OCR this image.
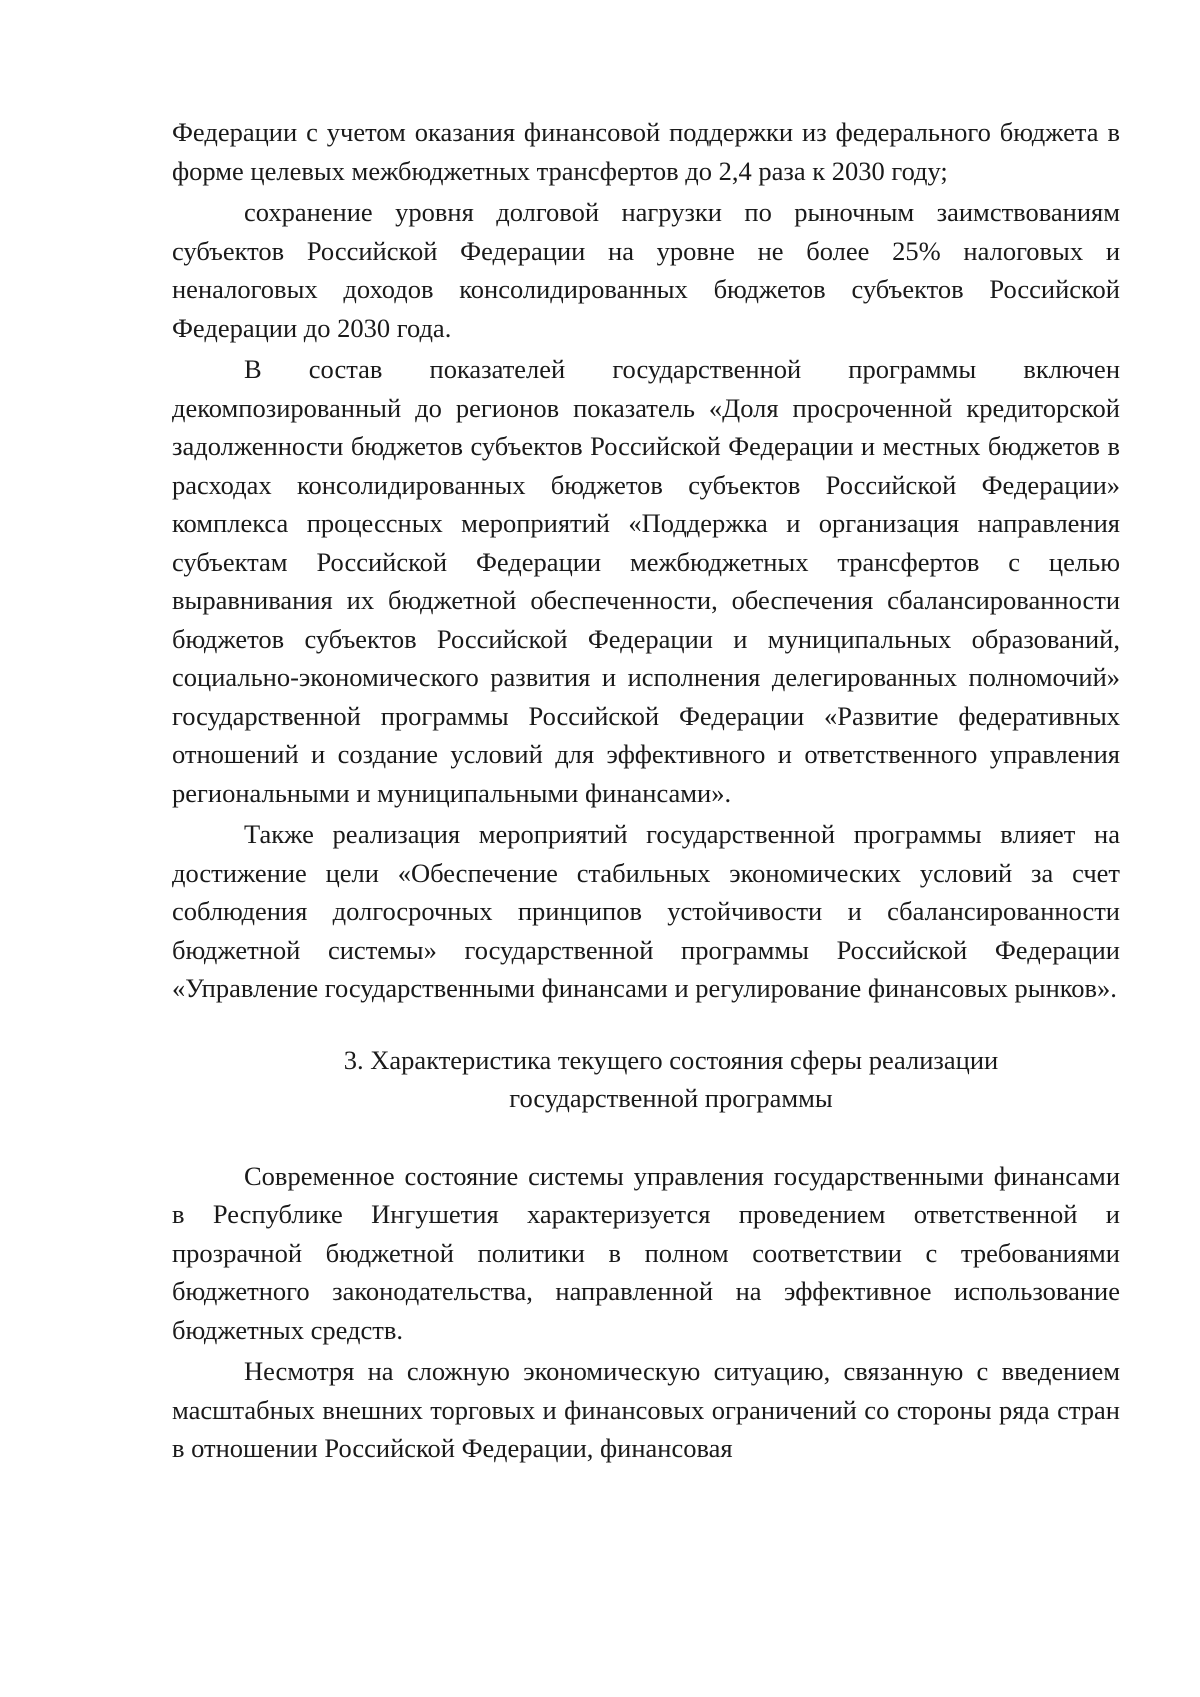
Федерации с учетом оказания финансовой поддержки из федерального бюджета в форме целевых межбюджетных трансфертов до 2,4 раза к 2030 году;

сохранение уровня долговой нагрузки по рыночным заимствованиям субъектов Российской Федерации на уровне не более 25% налоговых и неналоговых доходов консолидированных бюджетов субъектов Российской Федерации до 2030 года.

В состав показателей государственной программы включен декомпозированный до регионов показатель «Доля просроченной кредиторской задолженности бюджетов субъектов Российской Федерации и местных бюджетов в расходах консолидированных бюджетов субъектов Российской Федерации» комплекса процессных мероприятий «Поддержка и организация направления субъектам Российской Федерации межбюджетных трансфертов с целью выравнивания их бюджетной обеспеченности, обеспечения сбалансированности бюджетов субъектов Российской Федерации и муниципальных образований, социально-экономического развития и исполнения делегированных полномочий» государственной программы Российской Федерации «Развитие федеративных отношений и создание условий для эффективного и ответственного управления региональными и муниципальными финансами».

Также реализация мероприятий государственной программы влияет на достижение цели «Обеспечение стабильных экономических условий за счет соблюдения долгосрочных принципов устойчивости и сбалансированности бюджетной системы» государственной программы Российской Федерации «Управление государственными финансами и регулирование финансовых рынков».

3. Характеристика текущего состояния сферы реализации
государственной программы

Современное состояние системы управления государственными финансами в Республике Ингушетия характеризуется проведением ответственной и прозрачной бюджетной политики в полном соответствии с требованиями бюджетного законодательства, направленной на эффективное использование бюджетных средств.

Несмотря на сложную экономическую ситуацию, связанную с введением масштабных внешних торговых и финансовых ограничений со стороны ряда стран в отношении Российской Федерации, финансовая
